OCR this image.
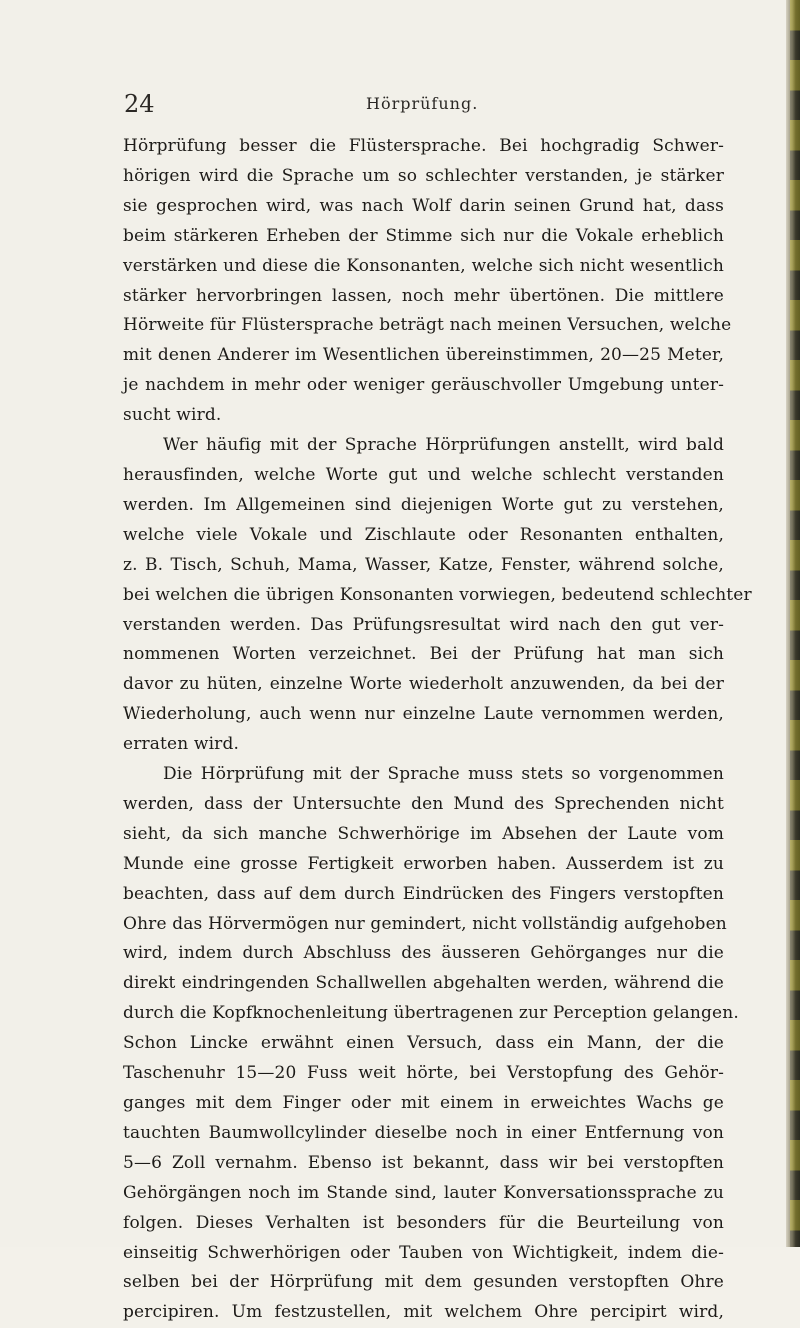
24	Hörprüfung.

Hörprüfung besser die Flüstersprache. Bei hochgradig Schwer-

hörigen wird die Sprache um so schlechter verstanden, je stärker

sie gesprochen wird, was nach Wolf darin seinen Grund hat, dass

beim stärkeren Erheben der Stimme sich nur die Vokale erheblich

verstärken und diese die Konsonanten, welche sich nicht wesentlich

stärker hervorbringen lassen, noch mehr übertönen. Die mittlere

Hörweite für Flüstersprache beträgt nach meinen Versuchen, welche

mit denen Anderer im Wesentlichen übereinstimmen, 20—25 Meter,

je nachdem in mehr oder weniger geräuschvoller Umgebung unter-

sucht wird.

Wer häufig mit der Sprache Hörprüfungen anstellt, wird bald

herausfinden, welche Worte gut und welche schlecht verstanden

werden. Im Allgemeinen sind diejenigen Worte gut zu verstehen,

welche viele Vokale und Zischlaute oder Resonanten enthalten,

z. B. Tisch, Schuh, Mama, Wasser, Katze, Fenster, während solche,

bei welchen die übrigen Konsonanten vorwiegen, bedeutend schlechter

verstanden werden. Das Prüfungsresultat wird nach den gut ver-

nommenen Worten verzeichnet. Bei der Prüfung hat man sich

davor zu hüten, einzelne Worte wiederholt anzuwenden, da bei der

Wiederholung, auch wenn nur einzelne Laute vernommen werden,

erraten wird.

Die Hörprüfung mit der Sprache muss stets so vorgenommen

werden, dass der Untersuchte den Mund des Sprechenden nicht

sieht, da sich manche Schwerhörige im Absehen der Laute vom

Munde eine grosse Fertigkeit erworben haben. Ausserdem ist zu

beachten, dass auf dem durch Eindrücken des Fingers verstopften

Ohre das Hörvermögen nur gemindert, nicht vollständig aufgehoben

wird, indem durch Abschluss des äusseren Gehörganges nur die

direkt eindringenden Schallwellen abgehalten werden, während die

durch die Kopfknochenleitung übertragenen zur Perception gelangen.

Schon Lincke erwähnt einen Versuch, dass ein Mann, der die

Taschenuhr 15—20 Fuss weit hörte, bei Verstopfung des Gehör-

ganges mit dem Finger oder mit einem in erweichtes Wachs ge

tauchten Baumwollcylinder dieselbe noch in einer Entfernung von

5—6 Zoll vernahm. Ebenso ist bekannt, dass wir bei verstopften

Gehörgängen noch im Stande sind, lauter Konversationssprache zu

folgen. Dieses Verhalten ist besonders für die Beurteilung von

einseitig Schwerhörigen oder Tauben von Wichtigkeit, indem die-

selben bei der Hörprüfung mit dem gesunden verstopften Ohre

percipiren. Um festzustellen, mit welchem Ohre percipirt wird,
